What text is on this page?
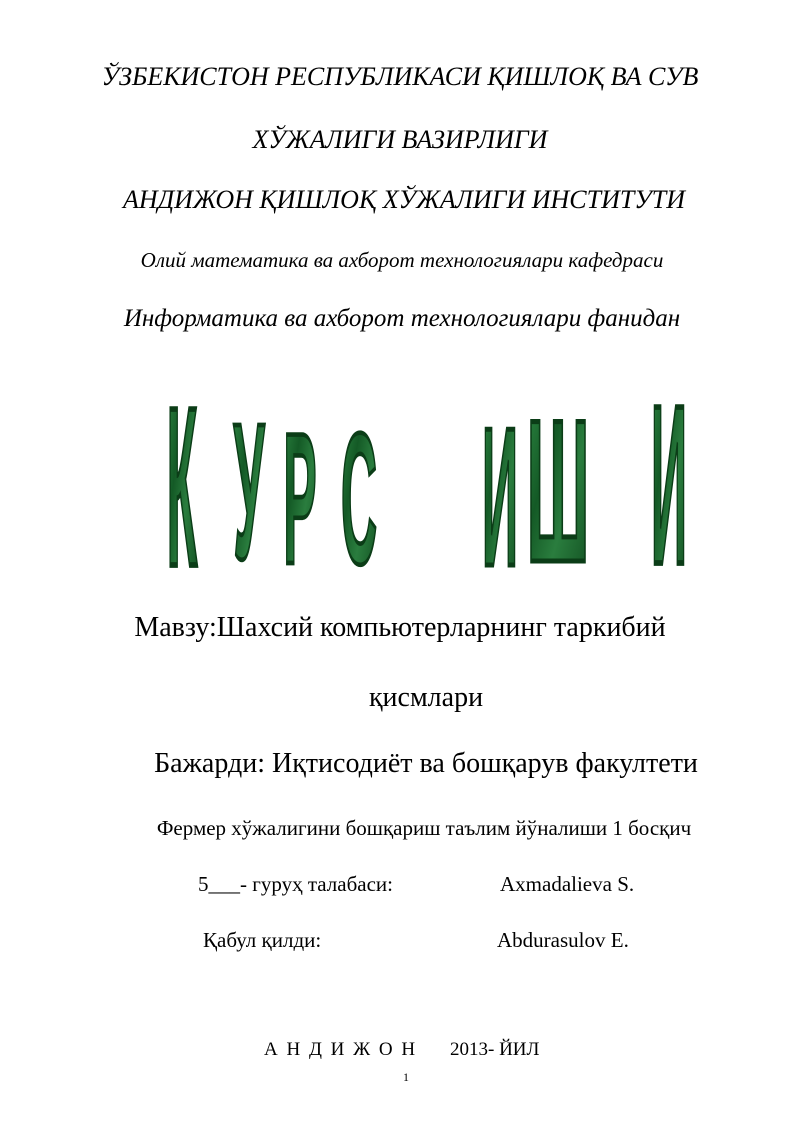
ЎЗБЕКИСТОН РЕСПУБЛИКАСИ ҚИШЛОҚ ВА СУВ
ХЎЖАЛИГИ ВАЗИРЛИГИ
АНДИЖОН ҚИШЛОҚ ХЎЖАЛИГИ ИНСТИТУТИ
Олий математика ва ахборот технологиялари кафедраси
Информатика ва ахборот технологиялари фанидан
К У Р С	И Ш И
Мавзу:Шахсий компьютерларнинг таркибий
қисмлари
Бажарди: Иқтисодиёт ва бошқарув факултети
Фермер хўжалигини бошқариш таълим йўналиши 1 босқич
5___- гуруҳ талабаси:	Axmadalieva S.
Қабул қилди:	Abdurasulov E.
А Н Д И Ж О Н 2013- ЙИЛ
1
